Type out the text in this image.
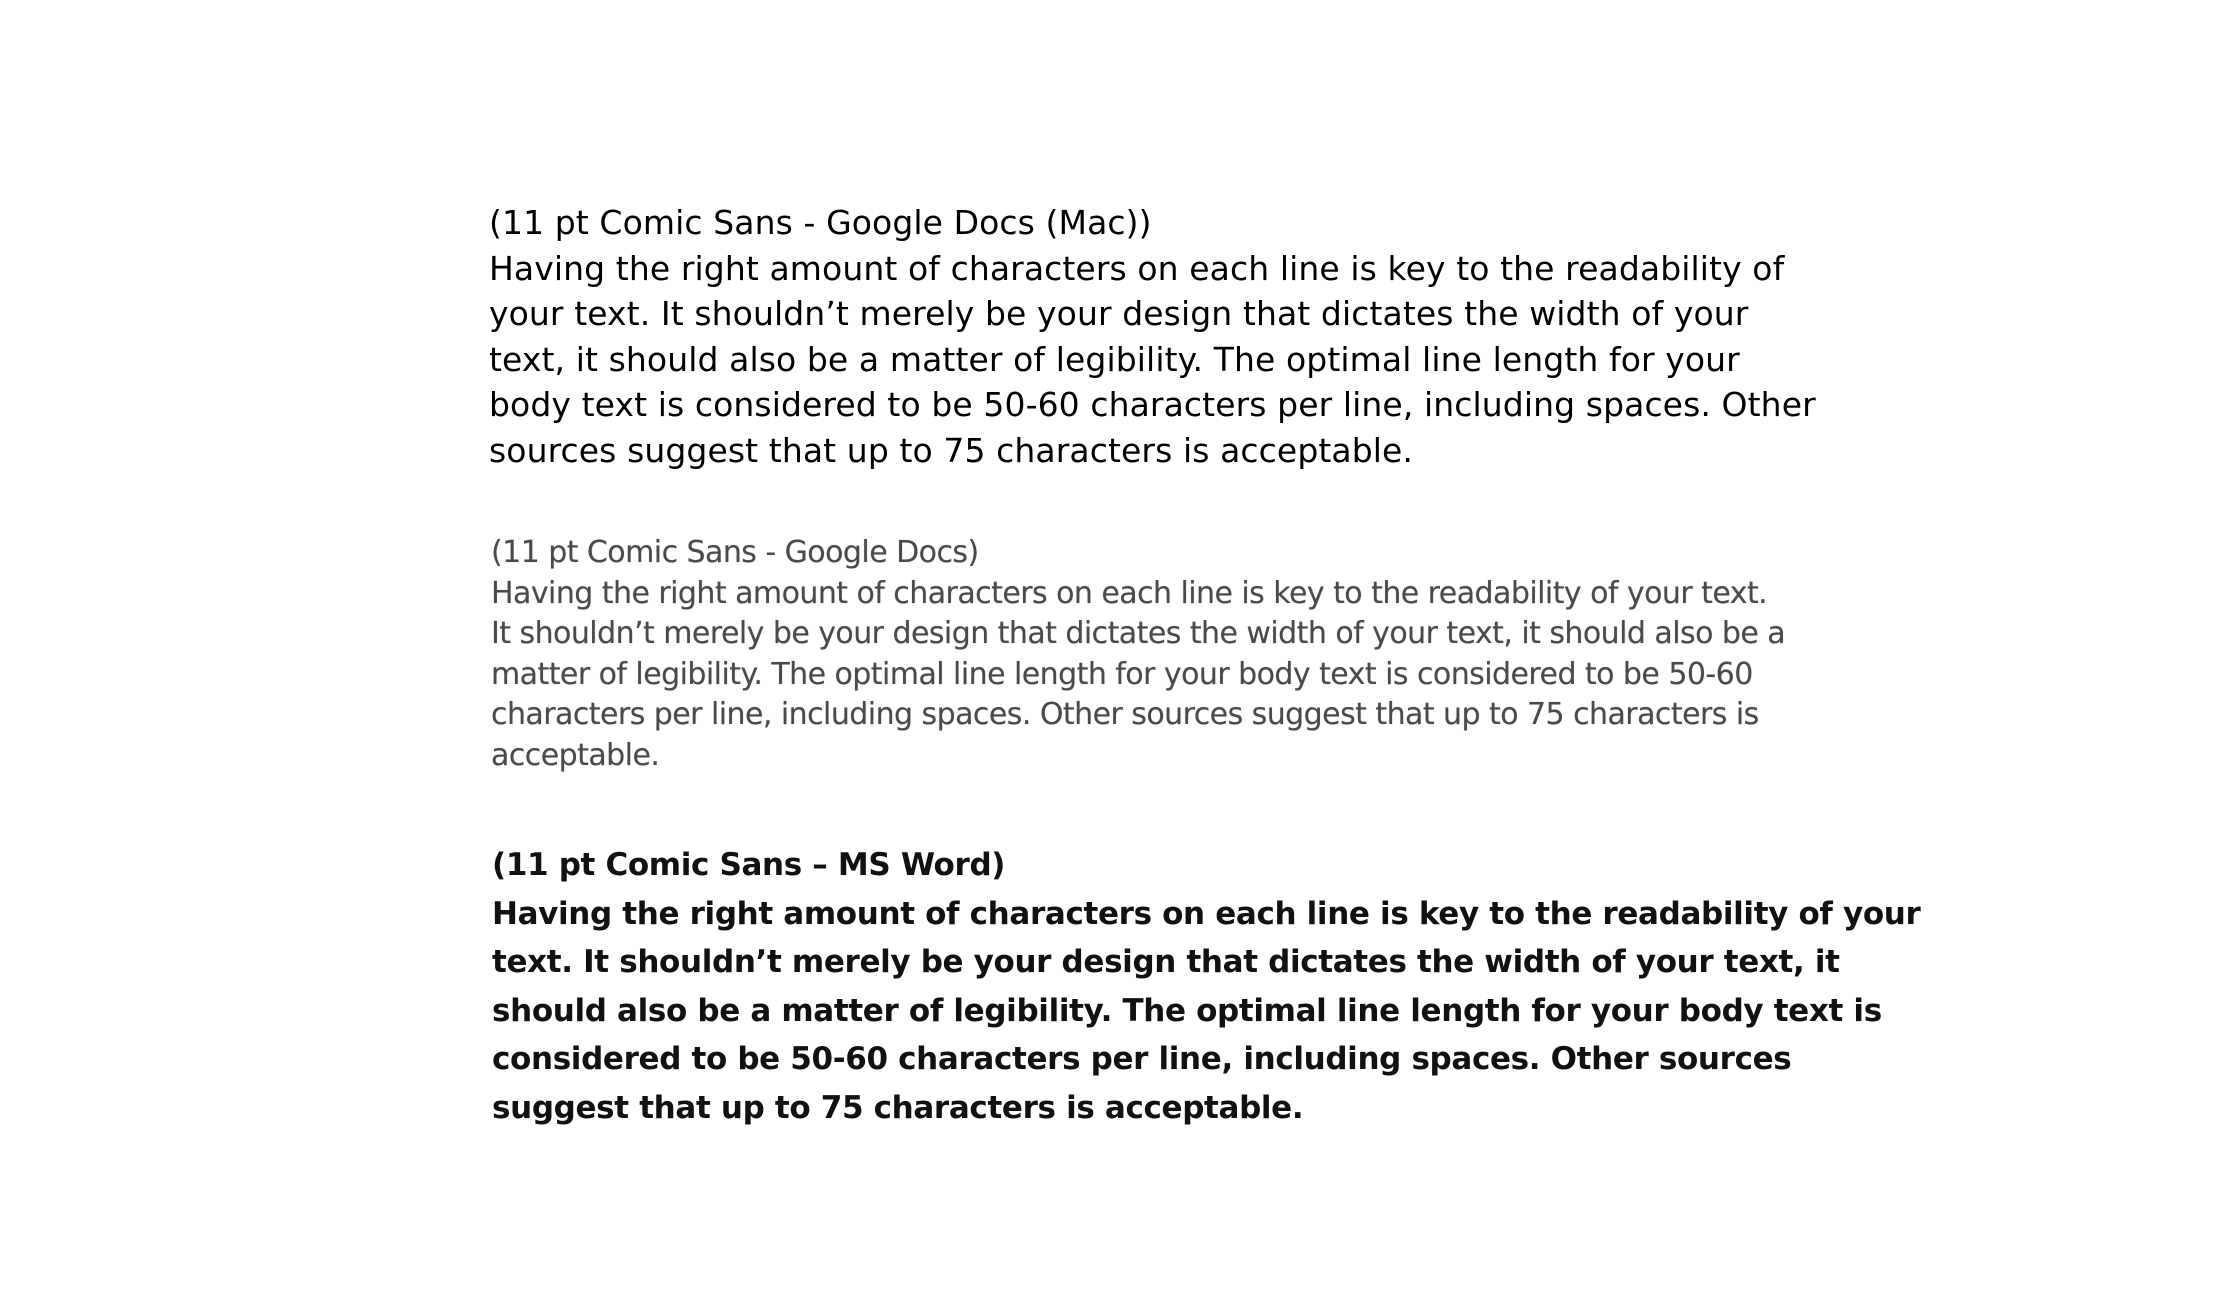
(11 pt Comic Sans - Google Docs (Mac))

Having the right amount of characters on each line is key to the readability of

your text. It shouldn’t merely be your design that dictates the width of your

text, it should also be a matter of legibility. The optimal line length for your

body text is considered to be 50-60 characters per line, including spaces. Other

sources suggest that up to 75 characters is acceptable.

(11 pt Comic Sans - Google Docs)

Having the right amount of characters on each line is key to the readability of your text.

It shouldn’t merely be your design that dictates the width of your text, it should also be a

matter of legibility. The optimal line length for your body text is considered to be 50-60

characters per line, including spaces. Other sources suggest that up to 75 characters is

acceptable.

(11 pt Comic Sans – MS Word)

Having the right amount of characters on each line is key to the readability of your

text. It shouldn’t merely be your design that dictates the width of your text, it

should also be a matter of legibility. The optimal line length for your body text is

considered to be 50-60 characters per line, including spaces. Other sources

suggest that up to 75 characters is acceptable.
